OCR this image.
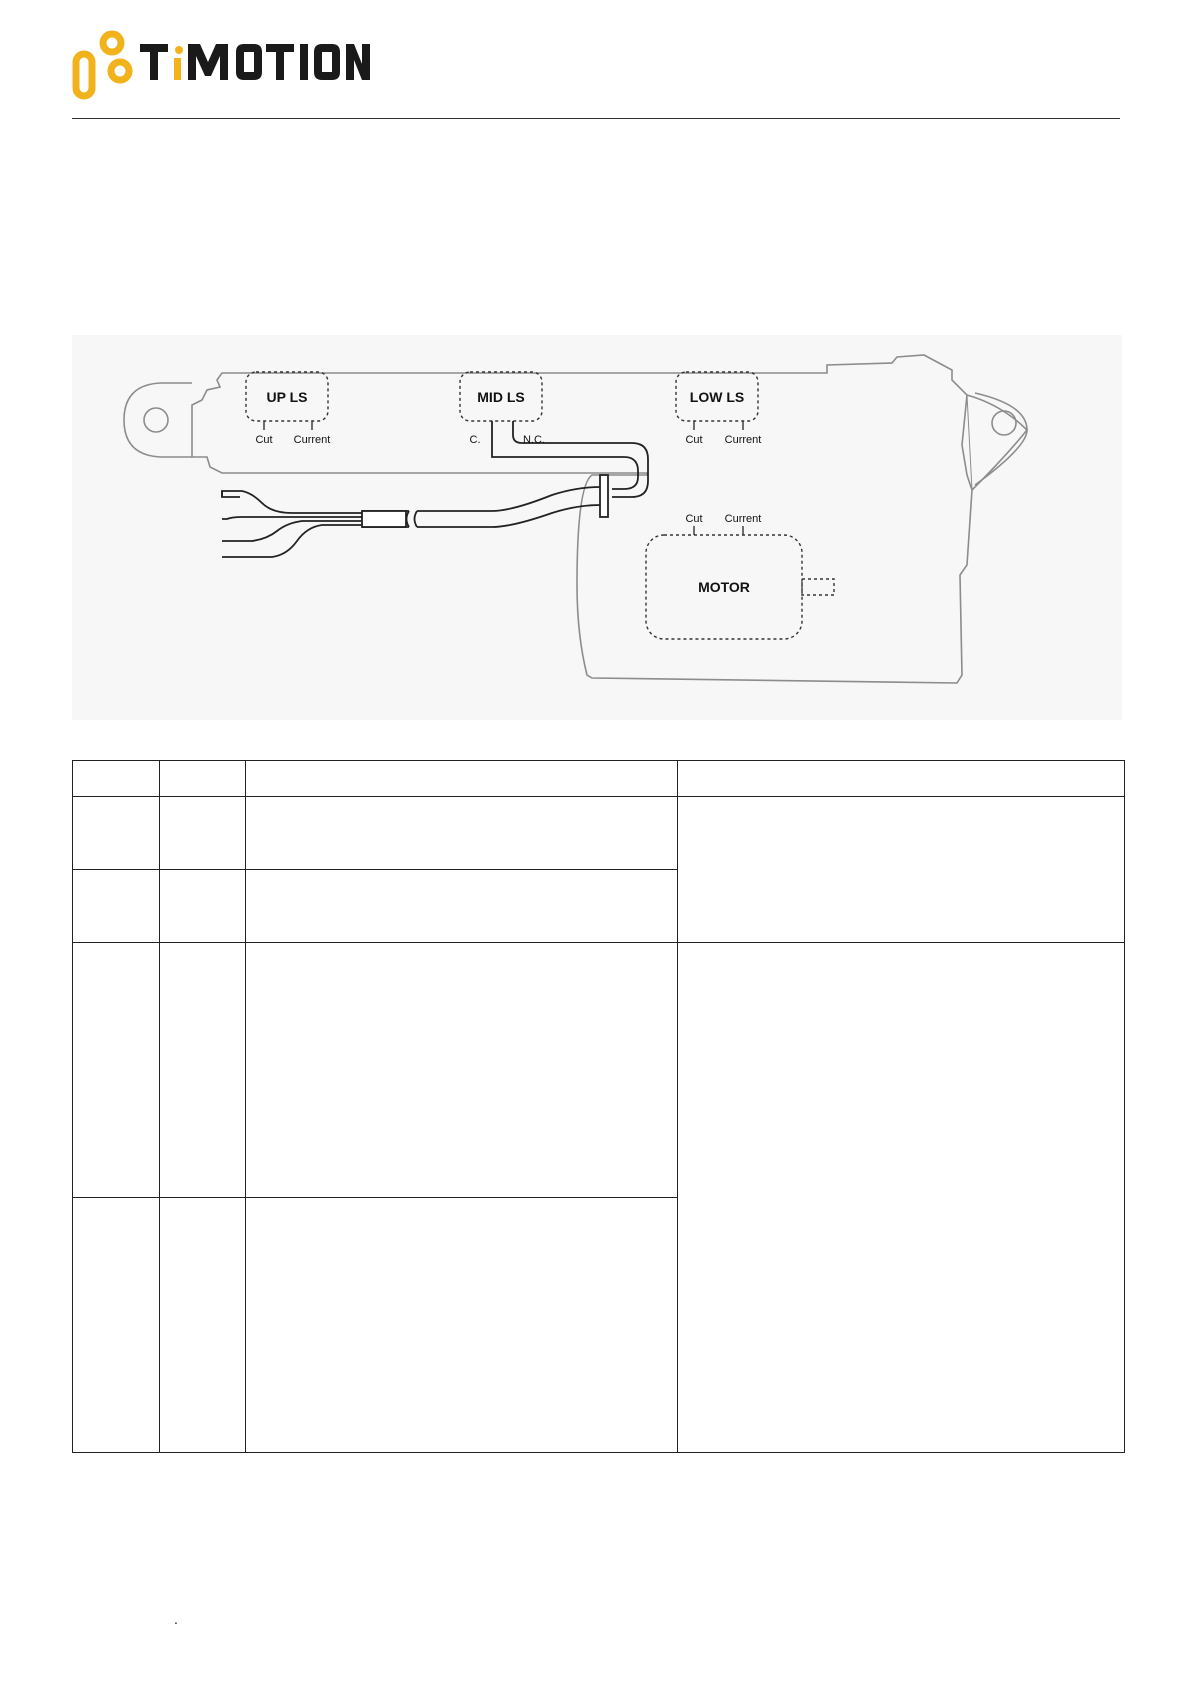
UP LS	MID LS	LOW LS
MOTOR
Cut Current	C.	N.C.	Cut Current
Cut Current

.
